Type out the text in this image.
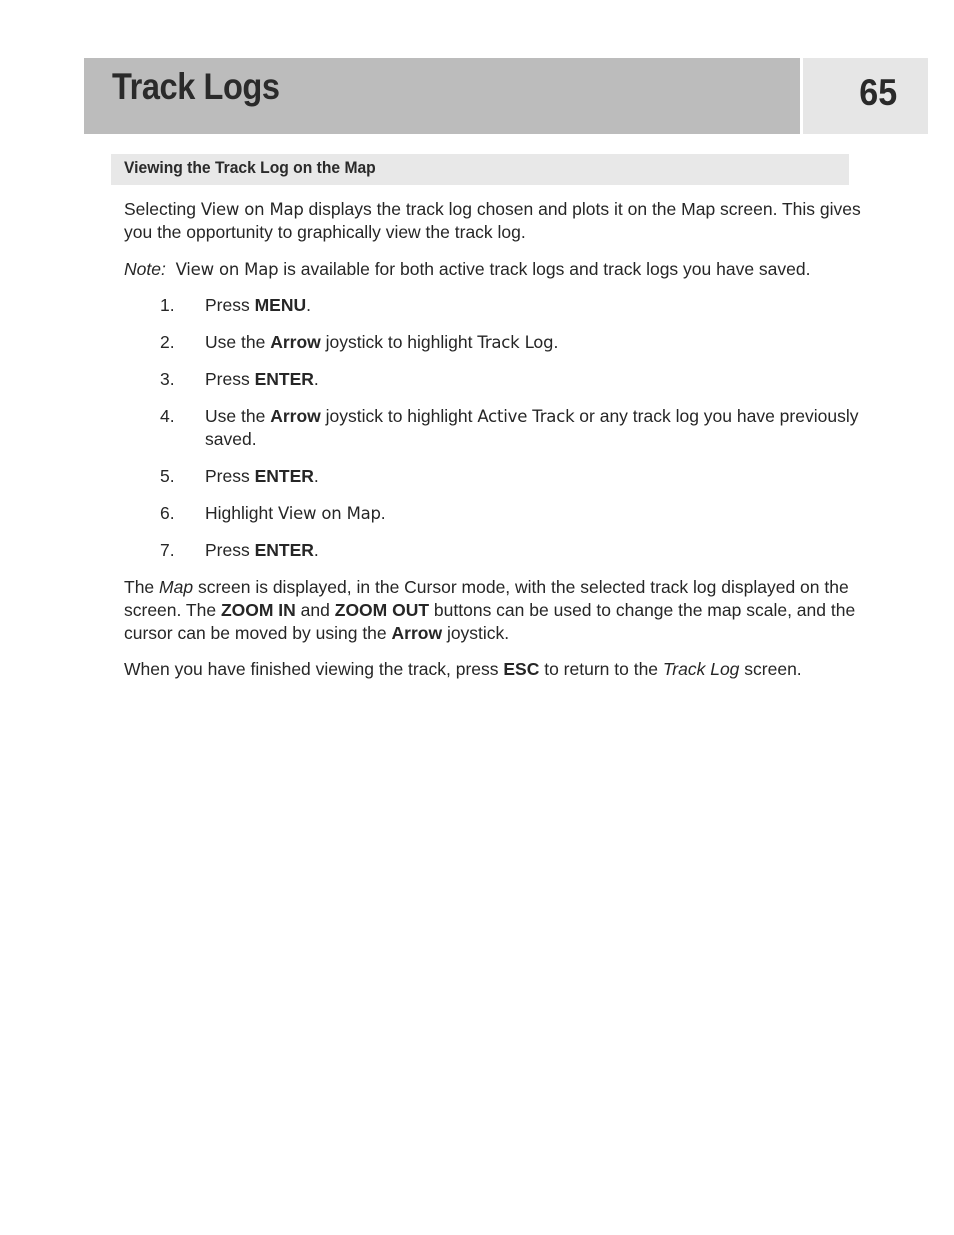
Track Logs	65
Viewing the Track Log on the Map

Selecting View on Map displays the track log chosen and plots it on the Map screen. This gives you the opportunity to graphically view the track log.

Note: View on Map is available for both active track logs and track logs you have saved.

1. Press MENU.
2. Use the Arrow joystick to highlight Track Log.
3. Press ENTER.
4. Use the Arrow joystick to highlight Active Track or any track log you have previously saved.
5. Press ENTER.
6. Highlight View on Map.
7. Press ENTER.

The Map screen is displayed, in the Cursor mode, with the selected track log displayed on the screen. The ZOOM IN and ZOOM OUT buttons can be used to change the map scale, and the cursor can be moved by using the Arrow joystick.

When you have finished viewing the track, press ESC to return to the Track Log screen.
